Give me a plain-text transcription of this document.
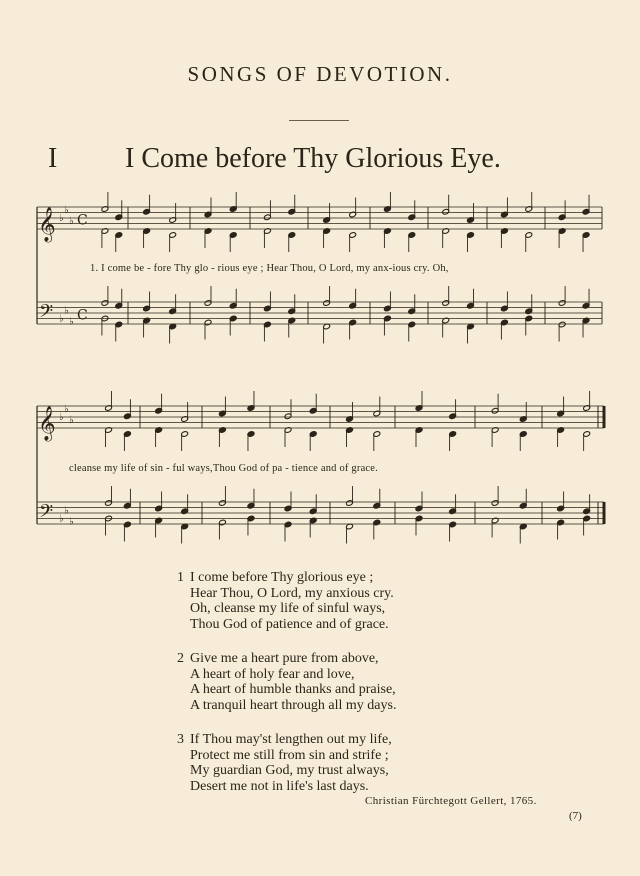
SONGS OF DEVOTION.
I I Come before Thy Glorious Eye.
𝄞
𝄢
♭
♭
♭
♭
♭
♭
C
C
𝄞
𝄢
♭
♭
♭
♭
♭
♭
1. I come be - fore Thy glo - rious eye ; Hear Thou, O Lord, my anx-ious cry. Oh,
cleanse my life of sin - ful ways,Thou God of pa - tience and of grace.
1 I come before Thy glorious eye ;
Hear Thou, O Lord, my anxious cry.
Oh, cleanse my life of sinful ways,
Thou God of patience and of grace.
2 Give me a heart pure from above,
A heart of holy fear and love,
A heart of humble thanks and praise,
A tranquil heart through all my days.
3 If Thou may'st lengthen out my life,
Protect me still from sin and strife ;
My guardian God, my trust always,
Desert me not in life's last days.
Christian Fürchtegott Gellert, 1765.
(7)
